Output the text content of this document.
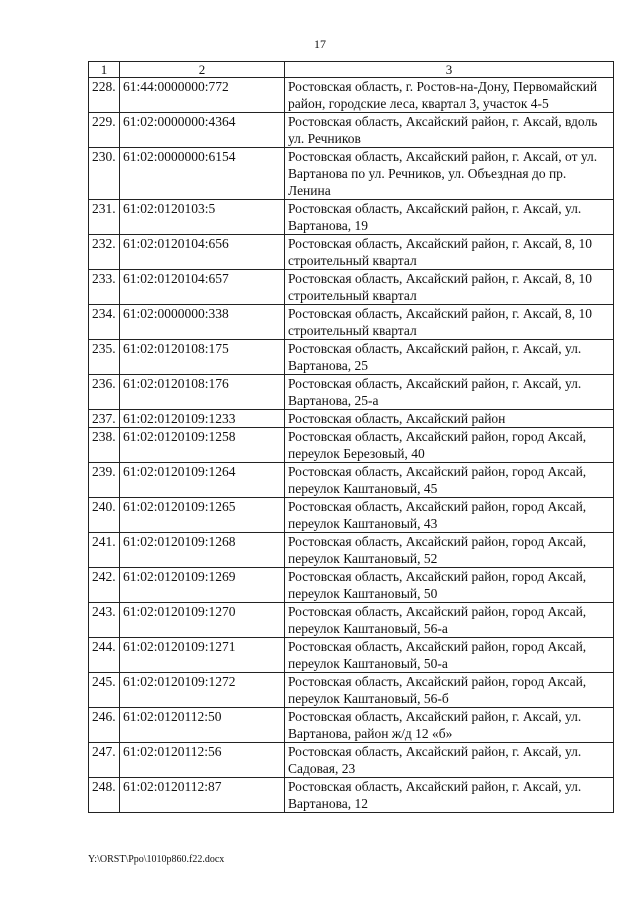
17
1	2	3
228.	61:44:0000000:772	Ростовская область, г. Ростов-на-Дону, Первомайский район, городские леса, квартал 3, участок 4-5
229.	61:02:0000000:4364	Ростовская область, Аксайский район, г. Аксай, вдоль ул. Речников
230.	61:02:0000000:6154	Ростовская область, Аксайский район, г. Аксай, от ул. Вартанова по ул. Речников, ул. Объездная до пр. Ленина
231.	61:02:0120103:5	Ростовская область, Аксайский район, г. Аксай, ул. Вартанова, 19
232.	61:02:0120104:656	Ростовская область, Аксайский район, г. Аксай, 8, 10 строительный квартал
233.	61:02:0120104:657	Ростовская область, Аксайский район, г. Аксай, 8, 10 строительный квартал
234.	61:02:0000000:338	Ростовская область, Аксайский район, г. Аксай, 8, 10 строительный квартал
235.	61:02:0120108:175	Ростовская область, Аксайский район, г. Аксай, ул. Вартанова, 25
236.	61:02:0120108:176	Ростовская область, Аксайский район, г. Аксай, ул. Вартанова, 25-а
237.	61:02:0120109:1233	Ростовская область, Аксайский район
238.	61:02:0120109:1258	Ростовская область, Аксайский район, город Аксай, переулок Березовый, 40
239.	61:02:0120109:1264	Ростовская область, Аксайский район, город Аксай, переулок Каштановый, 45
240.	61:02:0120109:1265	Ростовская область, Аксайский район, город Аксай, переулок Каштановый, 43
241.	61:02:0120109:1268	Ростовская область, Аксайский район, город Аксай, переулок Каштановый, 52
242.	61:02:0120109:1269	Ростовская область, Аксайский район, город Аксай, переулок Каштановый, 50
243.	61:02:0120109:1270	Ростовская область, Аксайский район, город Аксай, переулок Каштановый, 56-а
244.	61:02:0120109:1271	Ростовская область, Аксайский район, город Аксай, переулок Каштановый, 50-а
245.	61:02:0120109:1272	Ростовская область, Аксайский район, город Аксай, переулок Каштановый, 56-б
246.	61:02:0120112:50	Ростовская область, Аксайский район, г. Аксай, ул. Вартанова, район ж/д 12 «б»
247.	61:02:0120112:56	Ростовская область, Аксайский район, г. Аксай, ул. Садовая, 23
248.	61:02:0120112:87	Ростовская область, Аксайский район, г. Аксай, ул. Вартанова, 12
Y:\ORST\Ppo\1010p860.f22.docx
